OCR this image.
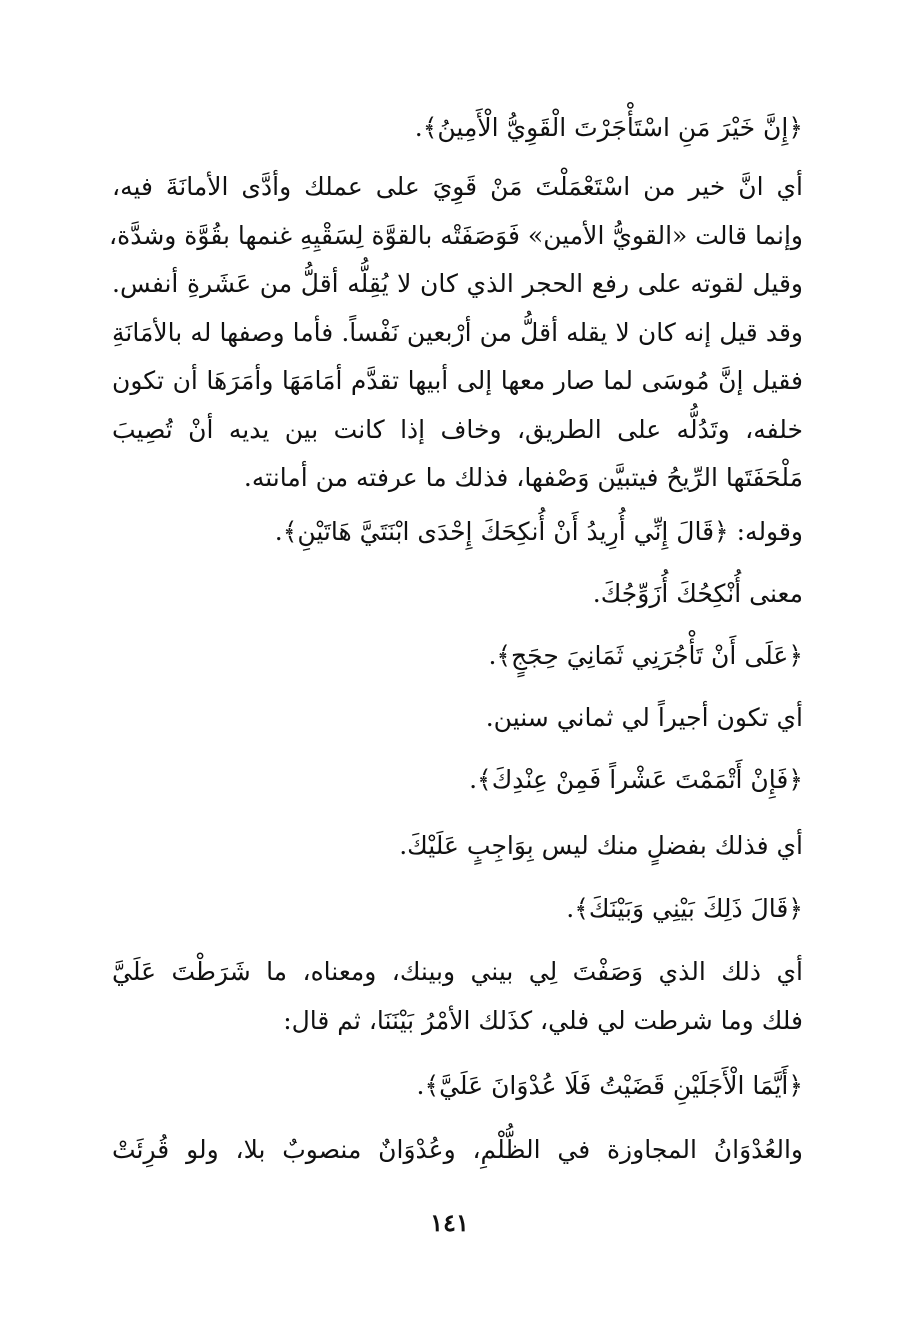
﴿إِنَّ خَيْرَ مَنِ اسْتَأْجَرْتَ الْقَوِيُّ الْأَمِينُ﴾.
أي انَّ خير من اسْتَعْمَلْتَ مَنْ قَوِيَ على عملك وأدَّى الأمانَةَ فيه،
وإنما قالت «القويُّ الأمين» فَوَصَفَتْه بالقوَّة لِسَقْيِهِ غنمها بقُوَّة وشدَّة،
وقيل لقوته على رفع الحجر الذي كان لا يُقِلُّه أقلُّ من عَشَرةِ أنفس.
وقد قيل إنه كان لا يقله أقلُّ من أرْبعين نَفْساً. فأما وصفها له بالأمَانَةِ
فقيل إنَّ مُوسَى لما صار معها إلى أبيها تقدَّم أمَامَهَا وأمَرَهَا أن تكون
خلفه، وتَدُلُّه على الطريق، وخاف إذا كانت بين يديه أنْ تُصِيبَ
مَلْحَفَتَها الرِّيحُ فيتبيَّن وَصْفها، فذلك ما عرفته من أمانته.
وقوله: ﴿قَالَ إِنِّي أُرِيدُ أَنْ أُنكِحَكَ إِحْدَى ابْنَتَيَّ هَاتَيْنِ﴾.
معنى أُنْكِحُكَ أُزَوِّجُكَ.
﴿عَلَى أَنْ تَأْجُرَنِي ثَمَانِيَ حِجَجٍ﴾.
أي تكون أجيراً لي ثماني سنين.
﴿فَإِنْ أَتْمَمْتَ عَشْراً فَمِنْ عِنْدِكَ﴾.
أي فذلك بفضلٍ منك ليس بِوَاجِبٍ عَلَيْكَ.
﴿قَالَ ذَلِكَ بَيْنِي وَبَيْنَكَ﴾.
أي ذلك الذي وَصَفْتَ لِي بيني وبينك، ومعناه، ما شَرَطْتَ عَلَيَّ
فلك وما شرطت لي فلي، كذَلك الأمْرُ بَيْنَنَا، ثم قال:
﴿أَيَّمَا الْأَجَلَيْنِ قَضَيْتُ فَلَا عُدْوَانَ عَلَيَّ﴾.
والعُدْوَانُ المجاوزة في الظُّلْمِ، وعُدْوَانٌ منصوبٌ بلا، ولو قُرِئَتْ
١٤١
